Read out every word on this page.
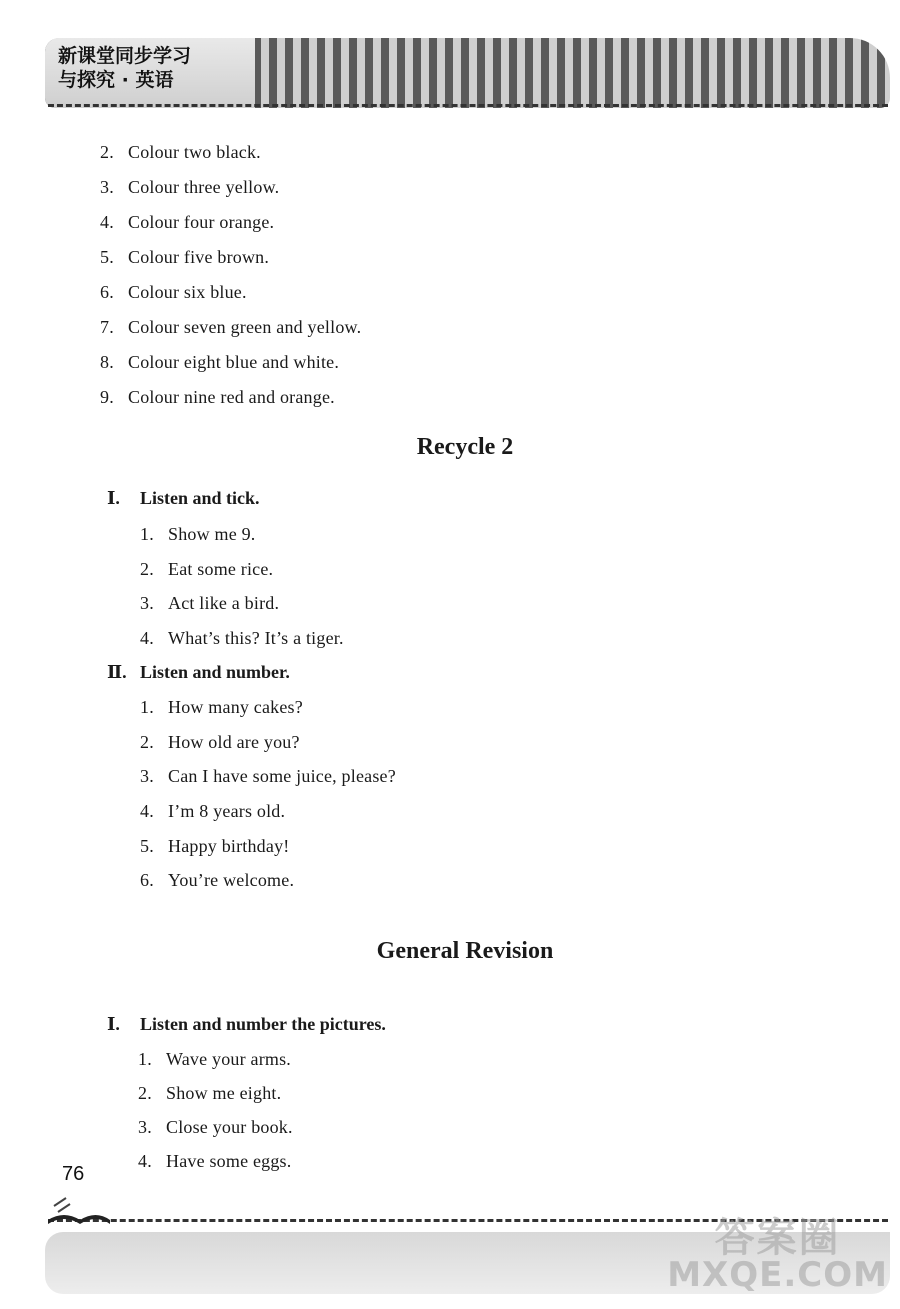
新课堂同步学习
与探究 · 英语
2. Colour two black.
3. Colour three yellow.
4. Colour four orange.
5. Colour five brown.
6. Colour six blue.
7. Colour seven green and yellow.
8. Colour eight blue and white.
9. Colour nine red and orange.
Recycle 2
Ⅰ. Listen and tick.
1. Show me 9.
2. Eat some rice.
3. Act like a bird.
4. What’s this? It’s a tiger.
Ⅱ. Listen and number.
1. How many cakes?
2. How old are you?
3. Can I have some juice, please?
4. I’m 8 years old.
5. Happy birthday!
6. You’re welcome.
General Revision
Ⅰ. Listen and number the pictures.
1. Wave your arms.
2. Show me eight.
3. Close your book.
4. Have some eggs.
76
答案圈
MXQE.COM
